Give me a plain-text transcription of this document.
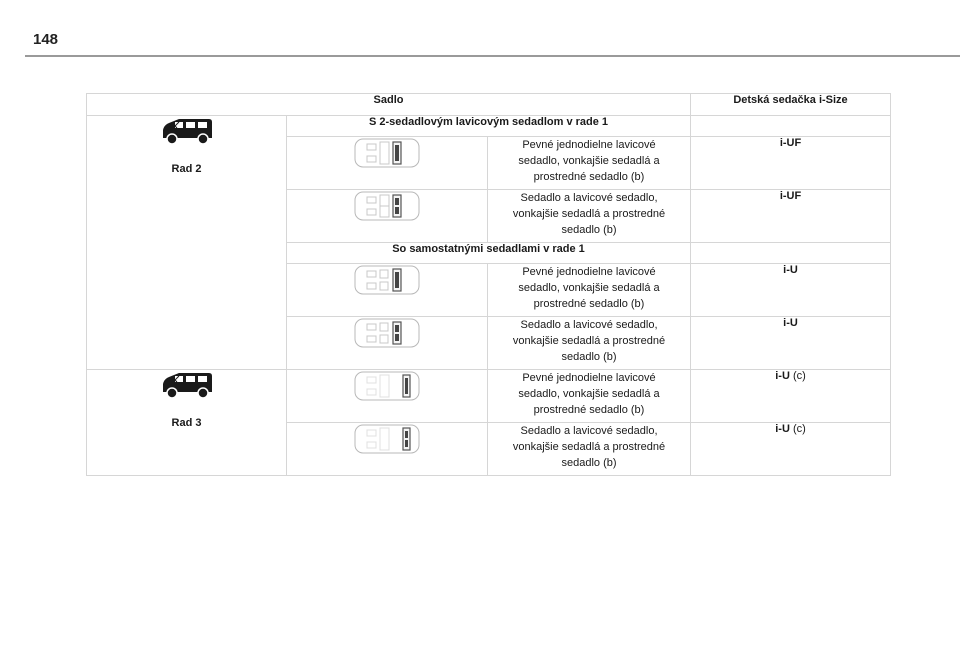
148
Sadlo			Detská sedačka i-Size

Rad 2	S 2-sedadlovým lavicovým sedadlom v rade 1		
	Pevné jednodielne lavicové
sedadlo, vonkajšie sedadlá a
prostredné sedadlo (b)	i-UF
	Sedadlo a lavicové sedadlo,
vonkajšie sedadlá a prostredné
sedadlo (b)	i-UF
	So samostatnými sedadlami v rade 1		
	Pevné jednodielne lavicové
sedadlo, vonkajšie sedadlá a
prostredné sedadlo (b)	i-U
	Sedadlo a lavicové sedadlo,
vonkajšie sedadlá a prostredné
sedadlo (b)	i-U

Rad 3		Pevné jednodielne lavicové
sedadlo, vonkajšie sedadlá a
prostredné sedadlo (b)	i-U (c)
	Sedadlo a lavicové sedadlo,
vonkajšie sedadlá a prostredné
sedadlo (b)	i-U (c)
